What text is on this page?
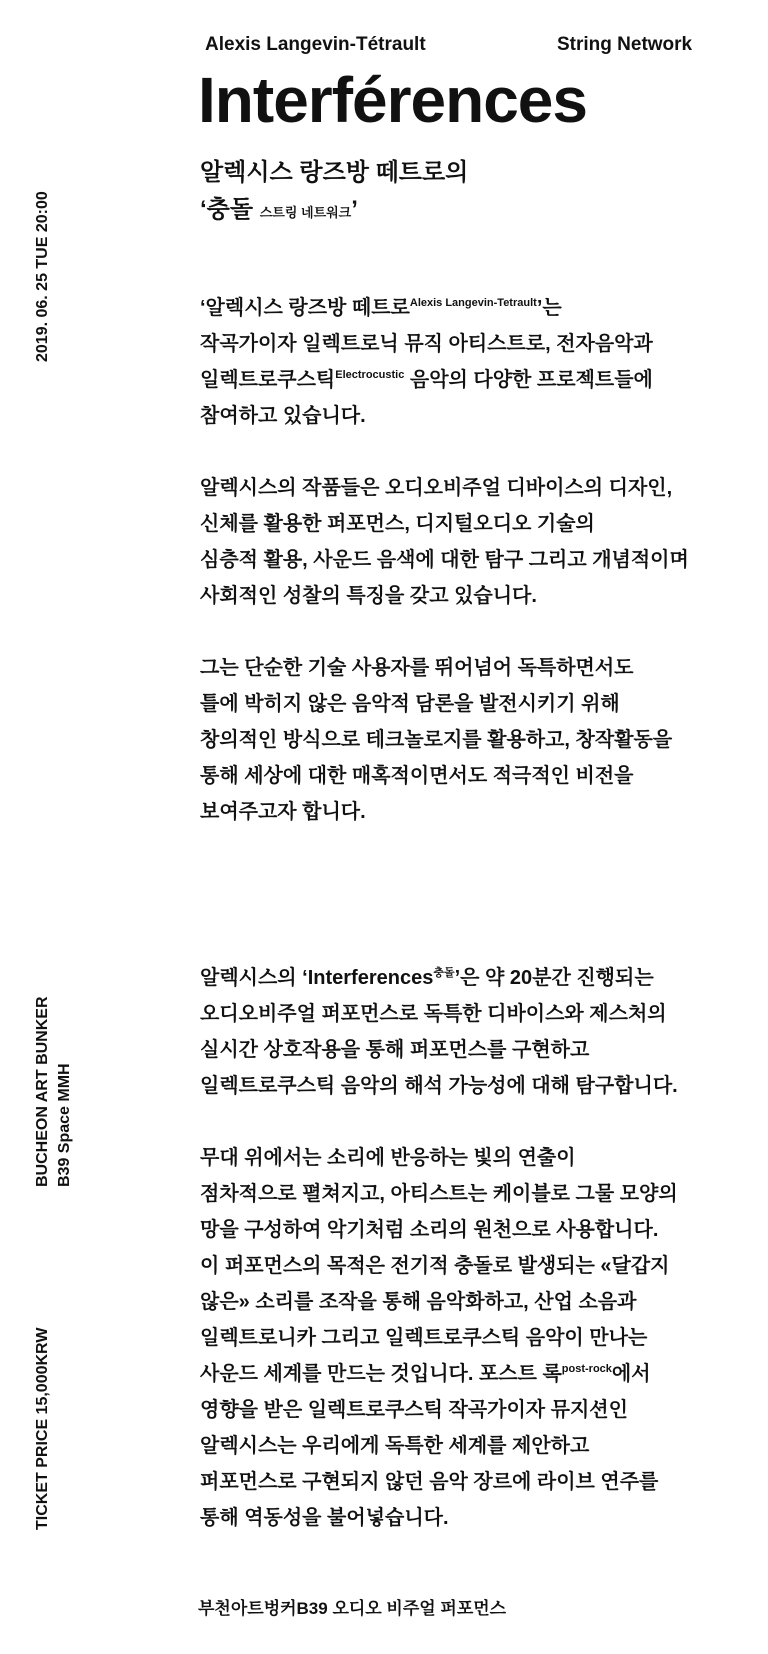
Alexis Langevin-Tétrault	String Network
Interférences
알렉시스 랑즈방 떼트로의
‘충돌 스트링 네트워크’
2019. 06. 25 TUE 20:00
BUCHEON ART BUNKER B39 Space MMH
TICKET PRICE 15,000KRW
‘알렉시스 랑즈방 떼트로$^{Alexis Langevin-Tetrault}$’는
작곡가이자 일렉트로닉 뮤직 아티스트로, 전자음악과
일렉트로쿠스틱$^{Electrocustic}$ 음악의 다양한 프로젝트들에
참여하고 있습니다.
알렉시스의 작품들은 오디오비주얼 디바이스의 디자인,
신체를 활용한 퍼포먼스, 디지털오디오 기술의
심층적 활용, 사운드 음색에 대한 탐구 그리고 개념적이며
사회적인 성찰의 특징을 갖고 있습니다.
그는 단순한 기술 사용자를 뛰어넘어 독특하면서도
틀에 박히지 않은 음악적 담론을 발전시키기 위해
창의적인 방식으로 테크놀로지를 활용하고, 창작활동을
통해 세상에 대한 매혹적이면서도 적극적인 비전을
보여주고자 합니다.
알렉시스의 ‘Interferences$^{충돌}$’은 약 20분간 진행되는
오디오비주얼 퍼포먼스로 독특한 디바이스와 제스처의
실시간 상호작용을 통해 퍼포먼스를 구현하고
일렉트로쿠스틱 음악의 해석 가능성에 대해 탐구합니다.
무대 위에서는 소리에 반응하는 빛의 연출이
점차적으로 펼쳐지고, 아티스트는 케이블로 그물 모양의
망을 구성하여 악기처럼 소리의 원천으로 사용합니다.
이 퍼포먼스의 목적은 전기적 충돌로 발생되는 «달갑지
않은» 소리를 조작을 통해 음악화하고, 산업 소음과
일렉트로니카 그리고 일렉트로쿠스틱 음악이 만나는
사운드 세계를 만드는 것입니다. 포스트 록$^{post-rock}$에서
영향을 받은 일렉트로쿠스틱 작곡가이자 뮤지션인
알렉시스는 우리에게 독특한 세계를 제안하고
퍼포먼스로 구현되지 않던 음악 장르에 라이브 연주를
통해 역동성을 불어넣습니다.
부천아트벙커B39 오디오 비주얼 퍼포먼스
